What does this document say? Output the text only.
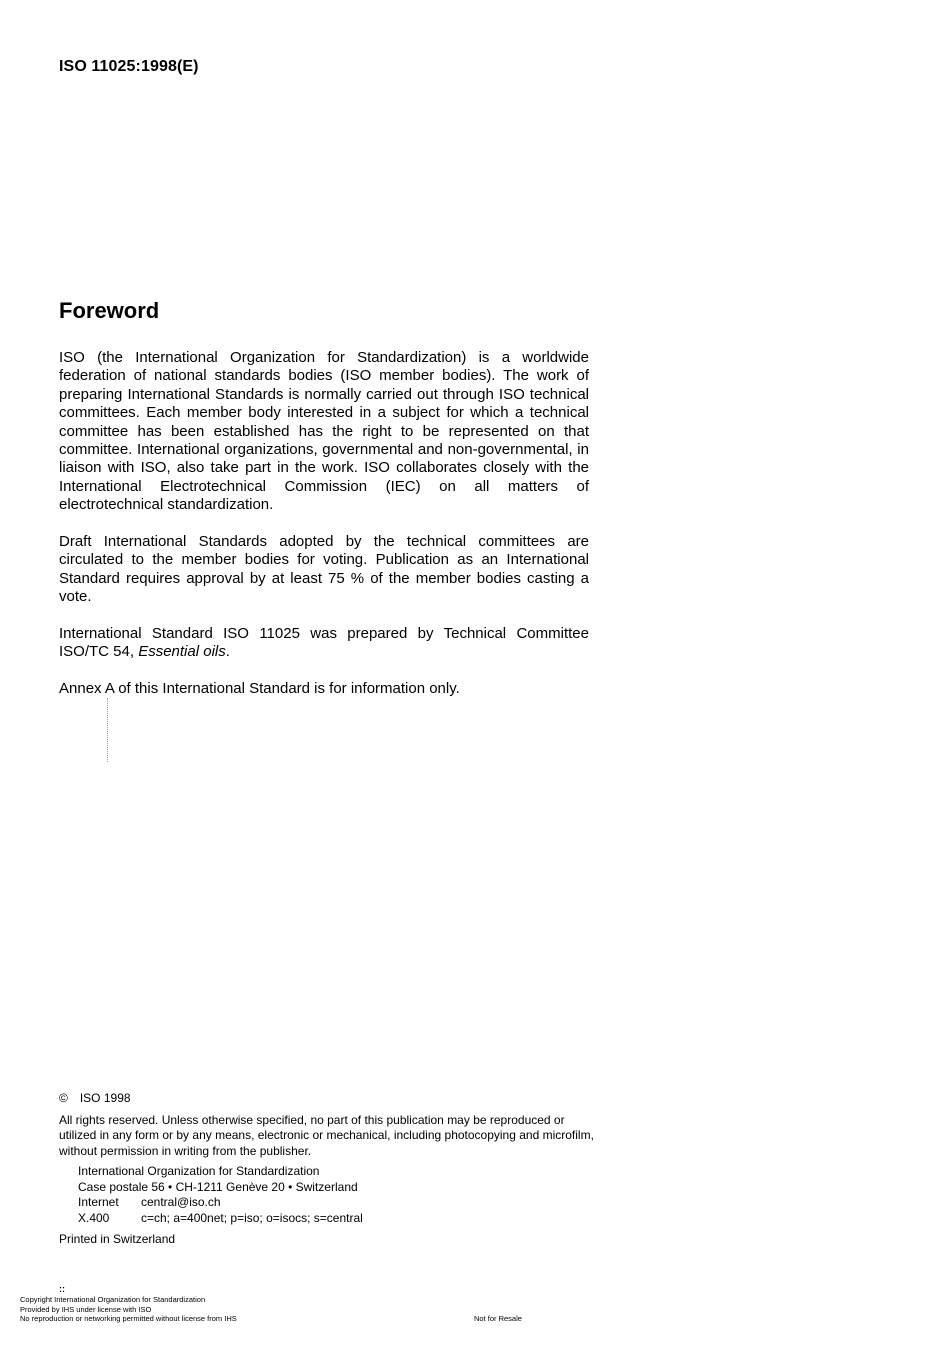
ISO 11025:1998(E)
Foreword

ISO (the International Organization for Standardization) is a worldwide federation of national standards bodies (ISO member bodies). The work of preparing International Standards is normally carried out through ISO technical committees. Each member body interested in a subject for which a technical committee has been established has the right to be represented on that committee. International organizations, governmental and non-governmental, in liaison with ISO, also take part in the work. ISO collaborates closely with the International Electrotechnical Commission (IEC) on all matters of electrotechnical standardization.

Draft International Standards adopted by the technical committees are circulated to the member bodies for voting. Publication as an International Standard requires approval by at least 75 % of the member bodies casting a vote.

International Standard ISO 11025 was prepared by Technical Committee ISO/TC 54, Essential oils.

Annex A of this International Standard is for information only.

© ISO 1998

All rights reserved. Unless otherwise specified, no part of this publication may be reproduced or utilized in any form or by any means, electronic or mechanical, including photocopying and microfilm, without permission in writing from the publisher.

International Organization for Standardization
Case postale 56 • CH-1211 Genève 20 • Switzerland
Internet	central@iso.ch
X.400	c=ch; a=400net; p=iso; o=isocs; s=central

Printed in Switzerland

::
Copyright International Organization for Standardization
Provided by IHS under license with ISO
No reproduction or networking permitted without license from IHS	Not for Resale
